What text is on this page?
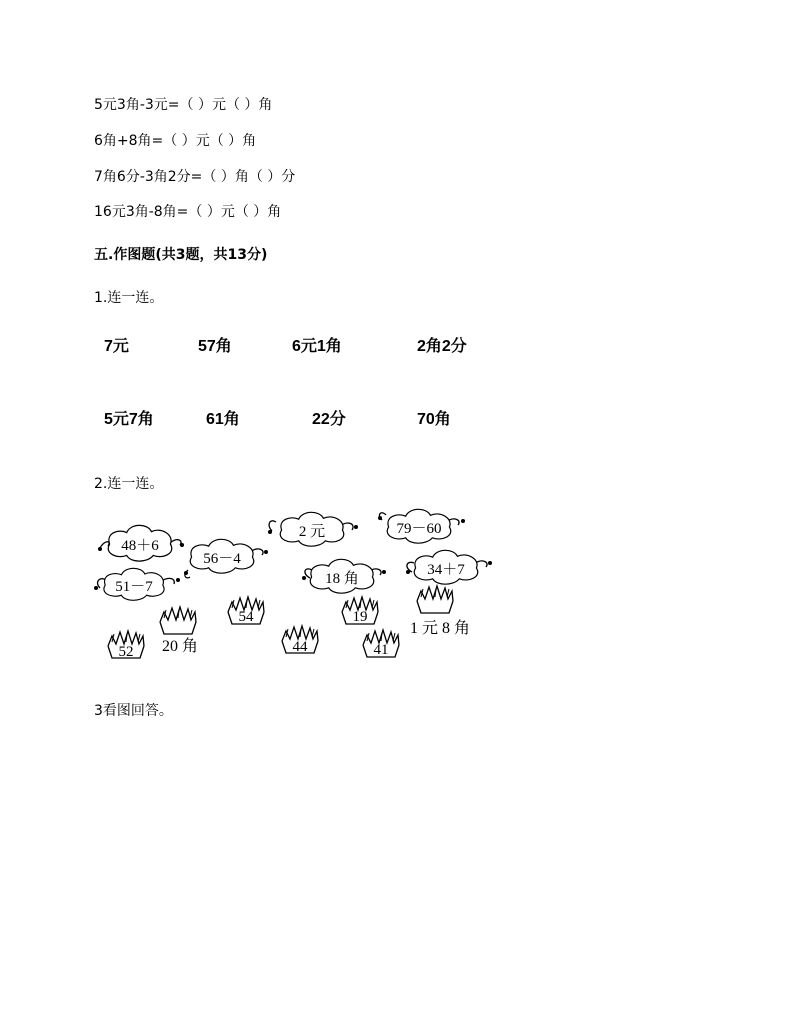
5元3角-3元=（ ）元（ ）角
6角+8角=（ ）元（ ）角
7角6分-3角2分=（ ）角（ ）分
16元3角-8角=（ ）元（ ）角
五.作图题(共3题，共13分)
1.连一连。
7元	57角	6元1角	2角2分
5元7角	61角	22分	70角
2.连一连。
48＋6
56－4
2 元	79－60
51－7	18 角
34＋7
54	19
52	44	41
20 角
1 元 8 角
3看图回答。
